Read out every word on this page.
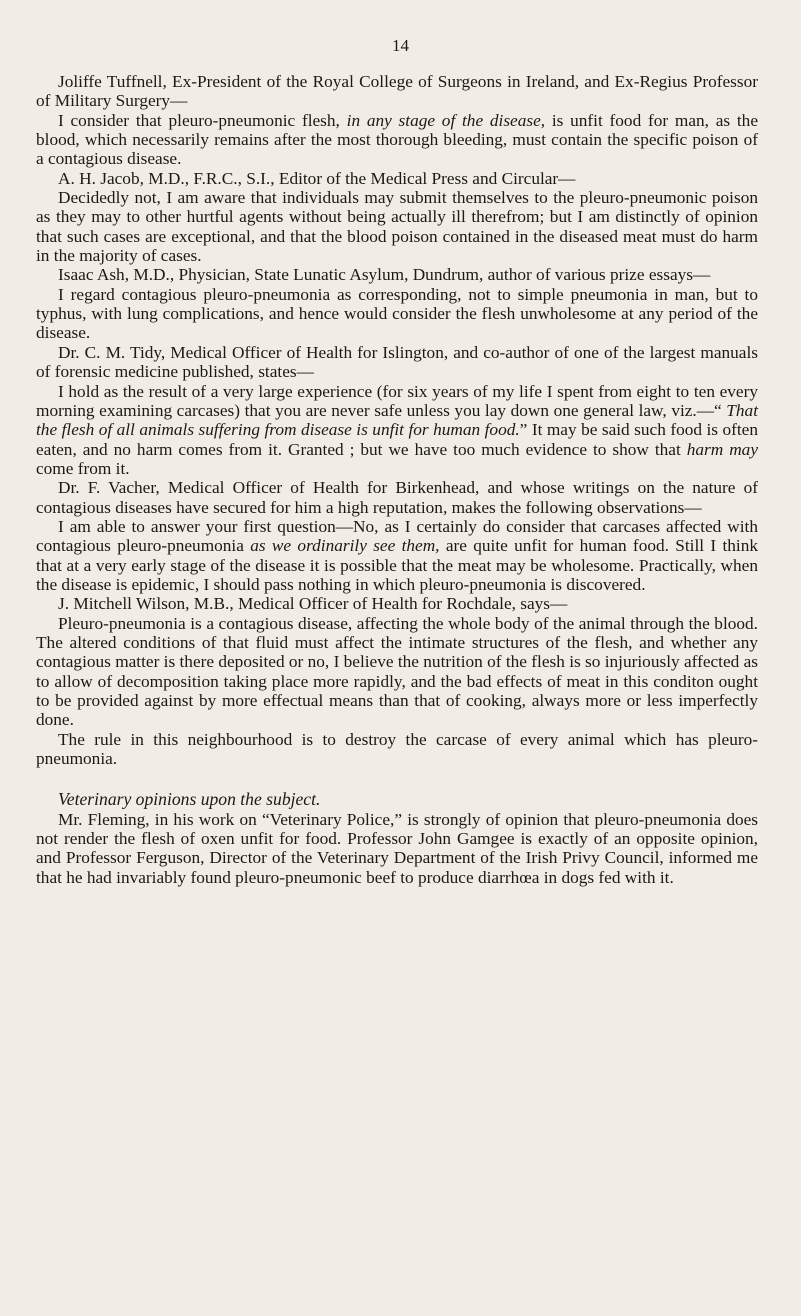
14

Joliffe Tuffnell, Ex-President of the Royal College of Surgeons in Ireland, and Ex-Regius Professor of Military Surgery—

I consider that pleuro-pneumonic flesh, in any stage of the disease, is unfit food for man, as the blood, which necessarily remains after the most thorough bleeding, must contain the specific poison of a contagious disease.

A. H. Jacob, M.D., F.R.C., S.I., Editor of the Medical Press and Circular—

Decidedly not, I am aware that individuals may submit themselves to the pleuro-pneumonic poison as they may to other hurtful agents without being actually ill therefrom; but I am distinctly of opinion that such cases are exceptional, and that the blood poison contained in the diseased meat must do harm in the majority of cases.

Isaac Ash, M.D., Physician, State Lunatic Asylum, Dundrum, author of various prize essays—

I regard contagious pleuro-pneumonia as corresponding, not to simple pneumonia in man, but to typhus, with lung complications, and hence would consider the flesh unwholesome at any period of the disease.

Dr. C. M. Tidy, Medical Officer of Health for Islington, and co-author of one of the largest manuals of forensic medicine published, states—

I hold as the result of a very large experience (for six years of my life I spent from eight to ten every morning examining carcases) that you are never safe unless you lay down one general law, viz.—“ That the flesh of all animals suffering from disease is unfit for human food.” It may be said such food is often eaten, and no harm comes from it. Granted ; but we have too much evidence to show that harm may come from it.

Dr. F. Vacher, Medical Officer of Health for Birkenhead, and whose writings on the nature of contagious diseases have secured for him a high reputation, makes the following observations—

I am able to answer your first question—No, as I certainly do consider that carcases affected with contagious pleuro-pneumonia as we ordinarily see them, are quite unfit for human food. Still I think that at a very early stage of the disease it is possible that the meat may be wholesome. Practically, when the disease is epidemic, I should pass nothing in which pleuro-pneumonia is discovered.

J. Mitchell Wilson, M.B., Medical Officer of Health for Rochdale, says—

Pleuro-pneumonia is a contagious disease, affecting the whole body of the animal through the blood. The altered conditions of that fluid must affect the intimate structures of the flesh, and whether any contagious matter is there deposited or no, I believe the nutrition of the flesh is so injuriously affected as to allow of decomposition taking place more rapidly, and the bad effects of meat in this conditon ought to be provided against by more effectual means than that of cooking, always more or less imperfectly done.

The rule in this neighbourhood is to destroy the carcase of every animal which has pleuro-pneumonia.

Veterinary opinions upon the subject.

Mr. Fleming, in his work on “Veterinary Police,” is strongly of opinion that pleuro-pneumonia does not render the flesh of oxen unfit for food. Professor John Gamgee is exactly of an opposite opinion, and Professor Ferguson, Director of the Veterinary Department of the Irish Privy Council, informed me that he had invariably found pleuro-pneumonic beef to produce diarrhœa in dogs fed with it.
